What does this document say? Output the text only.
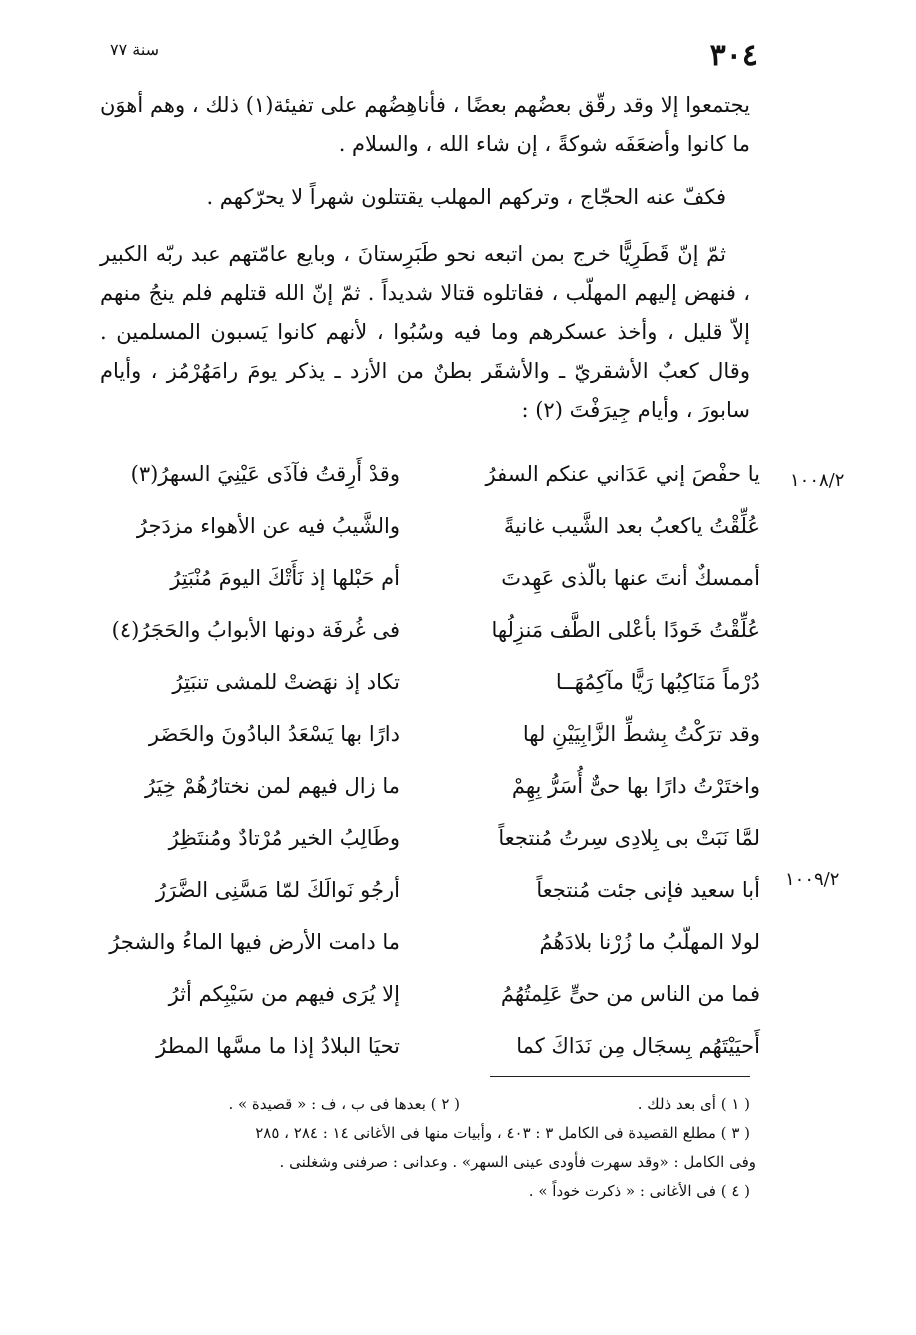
٣٠٤
سنة ٧٧

يجتمعوا إلا وقد رقّق بعضُهم بعضًا ، فأناهِضُهم على تفيئة(١) ذلك ، وهم أهوَن ما كانوا وأضعَفَه شوكةً ، إن شاء الله ، والسلام .

فكفّ عنه الحجّاج ، وتركهم المهلب يقتتلون شهراً لا يحرّكهم .

ثمّ إنّ قَطَرِيًّا خرج بمن اتبعه نحو طَبَرِستانَ ، وبايع عامّتهم عبد ربّه الكبير ، فنهض إليهم المهلّب ، فقاتلوه قتالا شديداً . ثمّ إنّ الله قتلهم فلم ينجُ منهم إلاّ قليل ، وأخذ عسكرهم وما فيه وسُبُوا ، لأنهم كانوا يَسبون المسلمين . وقال كعبٌ الأشقريّ ـ والأشقَر بطنٌ من الأزد ـ يذكر يومَ رامَهُرْمُز ، وأيام سابورَ ، وأيام جِيرَفْتَ (٢) :

١٠٠٨/٢
١٠٠٩/٢
يا حفْصَ إني عَدَاني عنكم السفرُ
وقدْ أَرِقتُ فآذَى عَيْنِيَ السهرُ(٣)
عُلِّقْتُ ياكعبُ بعد الشَّيب غانيةً
والشَّيبُ فيه عن الأهواء مزدَجرُ
أممسكٌ أنتَ عنها بالّذى عَهِدتَ
أم حَبْلها إذ نَأَتْكَ اليومَ مُنْبَتِرُ
عُلِّقْتُ خَودًا بأعْلى الطَّف مَنزِلُها
فى غُرفَة دونها الأبوابُ والحَجَرُ(٤)
دُرْماً مَنَاكِبُها رَيًّا مآكِمُهَــا
تكاد إذ نهَضتْ للمشى تنبَتِرُ
وقد ترَكْتُ بِشطِّ الزَّابِيَيْنِ لها
دارًا بها يَسْعَدُ البادُونَ والحَضَر
واختَرْتُ دارًا بها حىٌّ أُسَرُّ بِهِمْ
ما زال فيهم لمن نختارُهُمْ خِيَرُ
لمَّا نَبَتْ بى بِلادِى سِرتُ مُنتجعاً
وطَالِبُ الخير مُرْتادٌ ومُنتَظِرُ
أبا سعيد فإنى جئت مُنتجعاً
أرجُو نَوالَكَ لمّا مَسَّنِى الضَّرَرُ
لولا المهلّبُ ما زُرْنا بلادَهُمُ
ما دامت الأرض فيها الماءُ والشجرُ
فما من الناس من حىٍّ عَلِمتُهُمُ
إلا يُرَى فيهم من سَيْبِكم أثرُ
أَحيَيْتَهُم بِسجَال مِن نَدَاكَ كما
تحيَا البلادُ إذا ما مسَّها المطرُ
( ١ ) أى بعد ذلك .
( ٢ ) بعدها فى ب ، ف : « قصيدة » .
( ٣ ) مطلع القصيدة فى الكامل ٣ : ٤٠٣ ، وأبيات منها فى الأغانى ١٤ : ٢٨٤ ، ٢٨٥
وفى الكامل : «وقد سهرت فأودى عينى السهر» . وعدانى : صرفنى وشغلنى .
( ٤ ) فى الأغانى : « ذكرت خوداً » .
